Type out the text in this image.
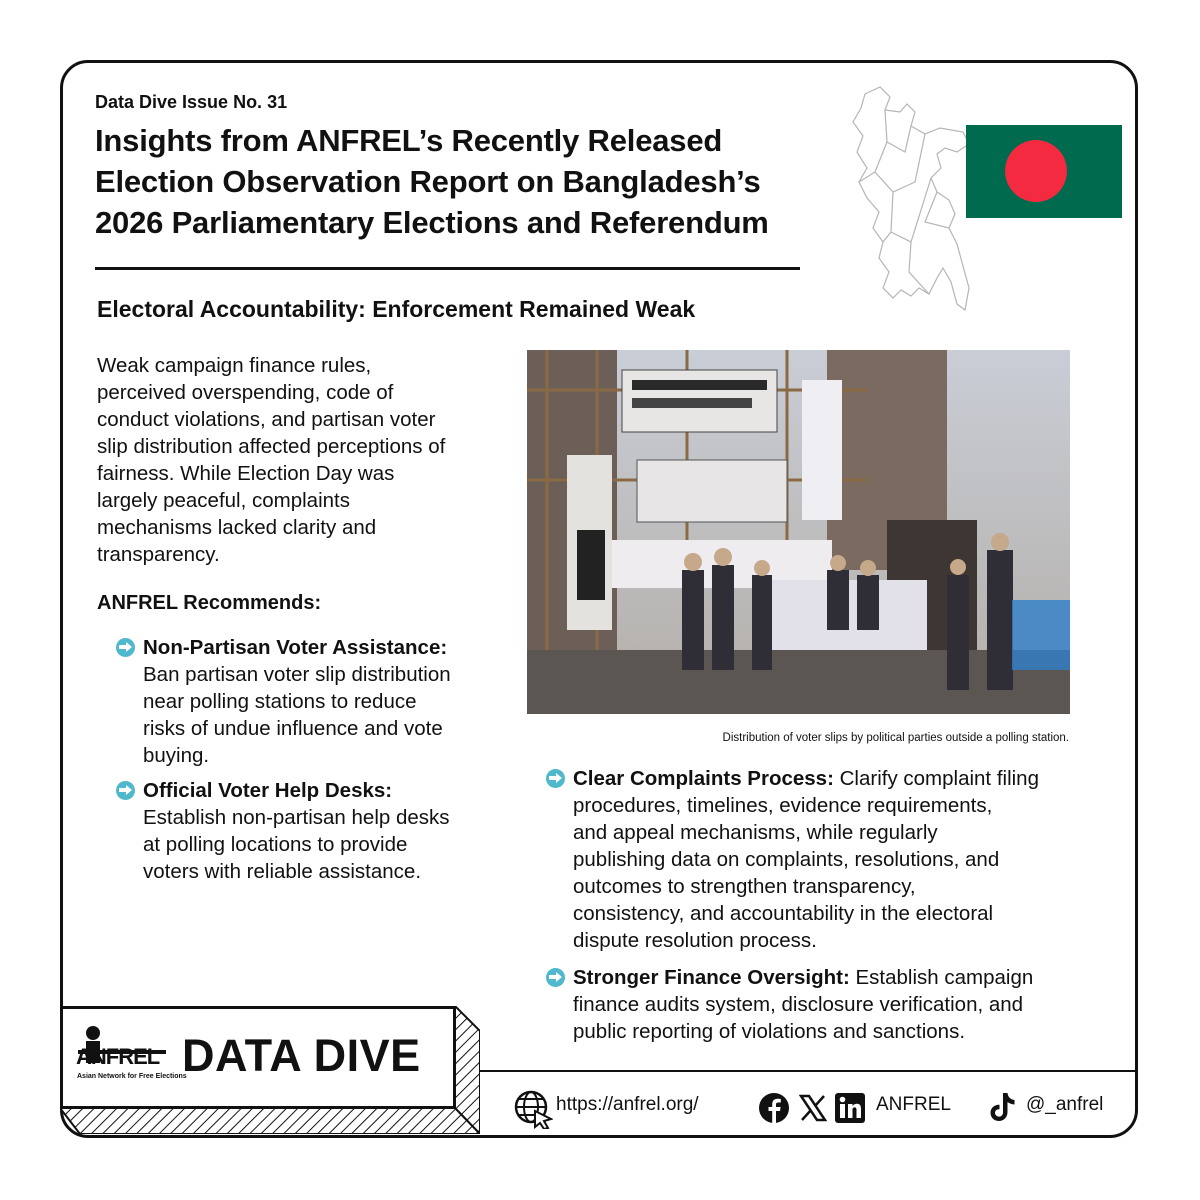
Data Dive Issue No. 31
Insights from ANFREL’s Recently Released
Election Observation Report on Bangladesh’s
2026 Parliamentary Elections and Referendum
Electoral Accountability: Enforcement Remained Weak
Weak campaign finance rules,
perceived overspending, code of
conduct violations, and partisan voter
slip distribution affected perceptions of
fairness. While Election Day was
largely peaceful, complaints
mechanisms lacked clarity and
transparency.
ANFREL Recommends:
Non-Partisan Voter Assistance:
Ban partisan voter slip distribution
near polling stations to reduce
risks of undue influence and vote
buying.
Official Voter Help Desks:
Establish non-partisan help desks
at polling locations to provide
voters with reliable assistance.
Distribution of voter slips by political parties outside a polling station.
Clear Complaints Process: Clarify complaint filing
procedures, timelines, evidence requirements,
and appeal mechanisms, while regularly
publishing data on complaints, resolutions, and
outcomes to strengthen transparency,
consistency, and accountability in the electoral
dispute resolution process.
Stronger Finance Oversight: Establish campaign
finance audits system, disclosure verification, and
public reporting of violations and sanctions.
ANFREL
Asian Network for Free Elections
DATA DIVE
https://anfrel.org/	ANFREL	@_anfrel
